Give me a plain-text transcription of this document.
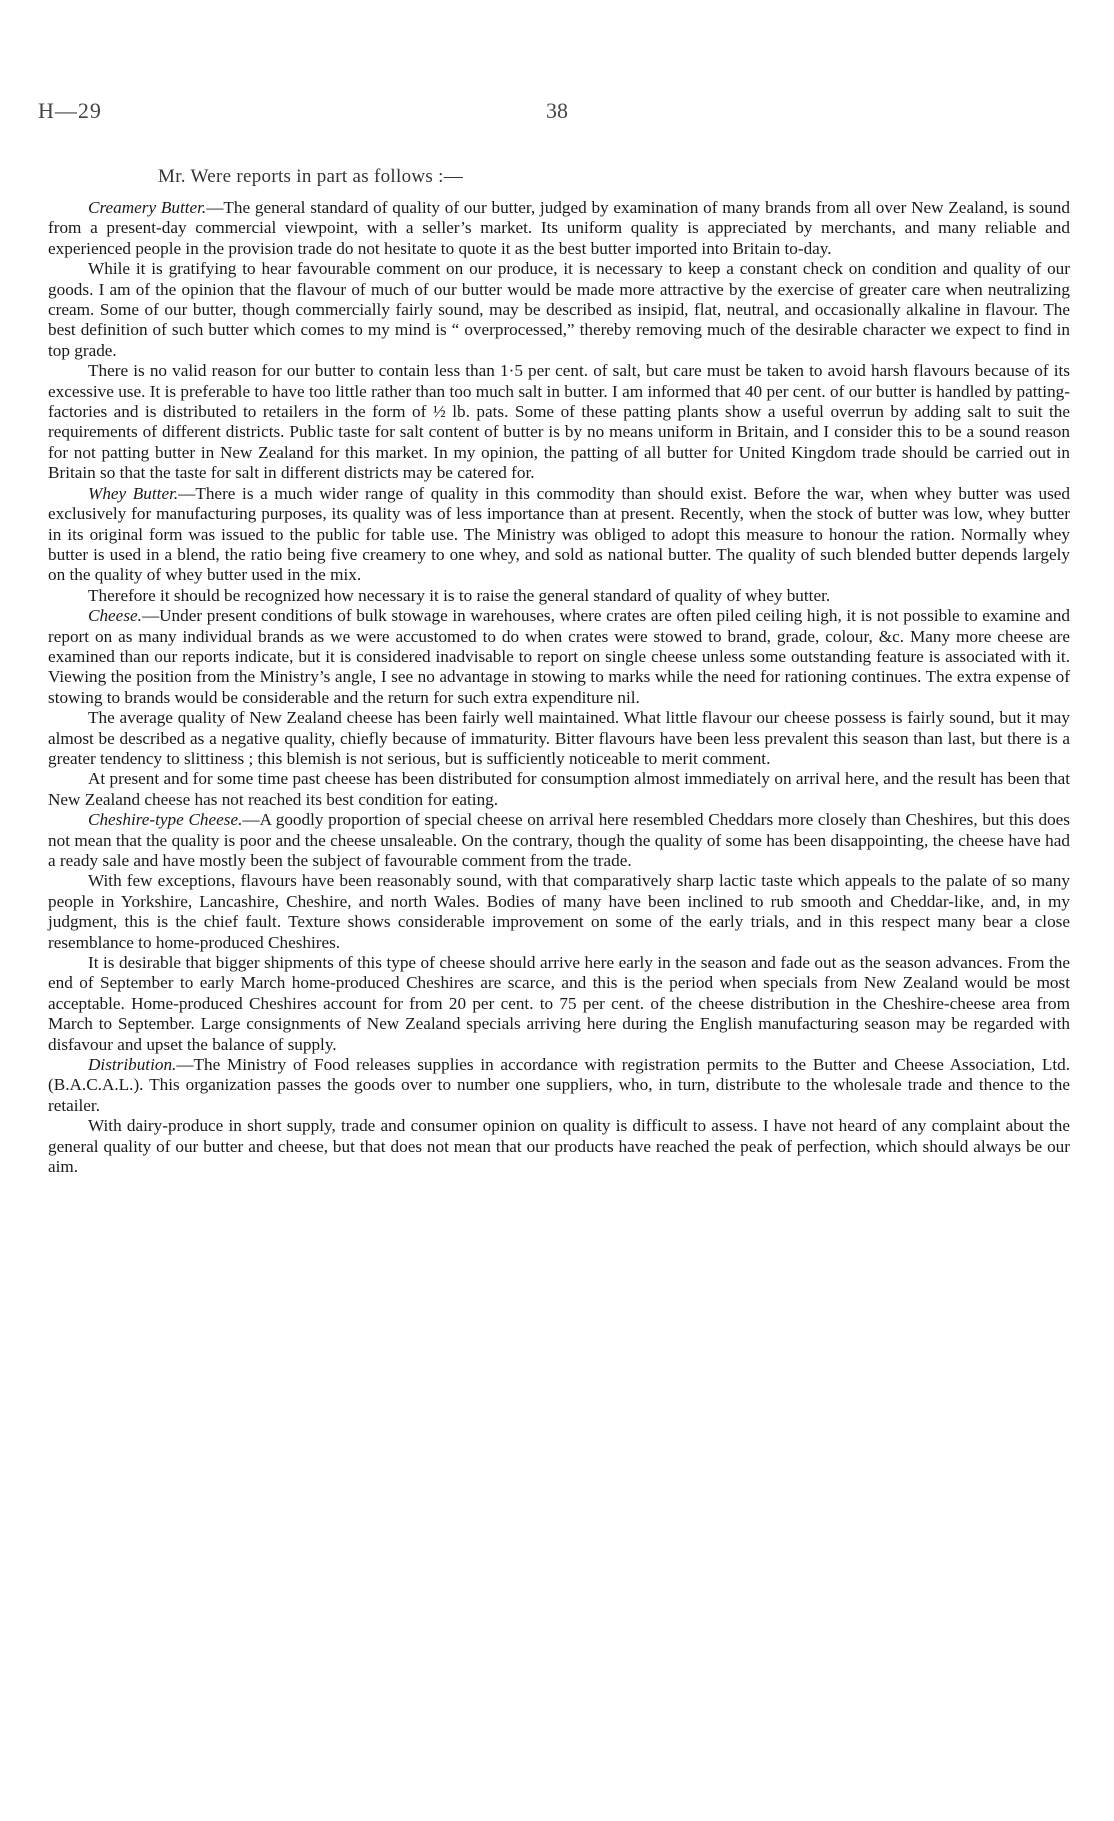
H—29	38
Mr. Were reports in part as follows :—

Creamery Butter.—The general standard of quality of our butter, judged by examination of many brands from all over New Zealand, is sound from a present-day commercial viewpoint, with a seller’s market. Its uniform quality is appreciated by merchants, and many reliable and experienced people in the provision trade do not hesitate to quote it as the best butter imported into Britain to-day.

While it is gratifying to hear favourable comment on our produce, it is necessary to keep a constant check on condition and quality of our goods. I am of the opinion that the flavour of much of our butter would be made more attractive by the exercise of greater care when neutralizing cream. Some of our butter, though commercially fairly sound, may be described as insipid, flat, neutral, and occasionally alkaline in flavour. The best definition of such butter which comes to my mind is “ overprocessed,” thereby removing much of the desirable character we expect to find in top grade.

There is no valid reason for our butter to contain less than 1·5 per cent. of salt, but care must be taken to avoid harsh flavours because of its excessive use. It is preferable to have too little rather than too much salt in butter. I am informed that 40 per cent. of our butter is handled by patting-factories and is distributed to retailers in the form of ½ lb. pats. Some of these patting plants show a useful overrun by adding salt to suit the requirements of different districts. Public taste for salt content of butter is by no means uniform in Britain, and I consider this to be a sound reason for not patting butter in New Zealand for this market. In my opinion, the patting of all butter for United Kingdom trade should be carried out in Britain so that the taste for salt in different districts may be catered for.

Whey Butter.—There is a much wider range of quality in this commodity than should exist. Before the war, when whey butter was used exclusively for manufacturing purposes, its quality was of less importance than at present. Recently, when the stock of butter was low, whey butter in its original form was issued to the public for table use. The Ministry was obliged to adopt this measure to honour the ration. Normally whey butter is used in a blend, the ratio being five creamery to one whey, and sold as national butter. The quality of such blended butter depends largely on the quality of whey butter used in the mix.

Therefore it should be recognized how necessary it is to raise the general standard of quality of whey butter.

Cheese.—Under present conditions of bulk stowage in warehouses, where crates are often piled ceiling high, it is not possible to examine and report on as many individual brands as we were accustomed to do when crates were stowed to brand, grade, colour, &c. Many more cheese are examined than our reports indicate, but it is considered inadvisable to report on single cheese unless some outstanding feature is associated with it. Viewing the position from the Ministry’s angle, I see no advantage in stowing to marks while the need for rationing continues. The extra expense of stowing to brands would be considerable and the return for such extra expenditure nil.

The average quality of New Zealand cheese has been fairly well maintained. What little flavour our cheese possess is fairly sound, but it may almost be described as a negative quality, chiefly because of immaturity. Bitter flavours have been less prevalent this season than last, but there is a greater tendency to slittiness ; this blemish is not serious, but is sufficiently noticeable to merit comment.

At present and for some time past cheese has been distributed for consumption almost immediately on arrival here, and the result has been that New Zealand cheese has not reached its best condition for eating.

Cheshire-type Cheese.—A goodly proportion of special cheese on arrival here resembled Cheddars more closely than Cheshires, but this does not mean that the quality is poor and the cheese unsaleable. On the contrary, though the quality of some has been disappointing, the cheese have had a ready sale and have mostly been the subject of favourable comment from the trade.

With few exceptions, flavours have been reasonably sound, with that comparatively sharp lactic taste which appeals to the palate of so many people in Yorkshire, Lancashire, Cheshire, and north Wales. Bodies of many have been inclined to rub smooth and Cheddar-like, and, in my judgment, this is the chief fault. Texture shows considerable improvement on some of the early trials, and in this respect many bear a close resemblance to home-produced Cheshires.

It is desirable that bigger shipments of this type of cheese should arrive here early in the season and fade out as the season advances. From the end of September to early March home-produced Cheshires are scarce, and this is the period when specials from New Zealand would be most acceptable. Home-produced Cheshires account for from 20 per cent. to 75 per cent. of the cheese distribution in the Cheshire-cheese area from March to September. Large consignments of New Zealand specials arriving here during the English manufacturing season may be regarded with disfavour and upset the balance of supply.

Distribution.—The Ministry of Food releases supplies in accordance with registration permits to the Butter and Cheese Association, Ltd. (B.A.C.A.L.). This organization passes the goods over to number one suppliers, who, in turn, distribute to the wholesale trade and thence to the retailer.

With dairy-produce in short supply, trade and consumer opinion on quality is difficult to assess. I have not heard of any complaint about the general quality of our butter and cheese, but that does not mean that our products have reached the peak of perfection, which should always be our aim.
